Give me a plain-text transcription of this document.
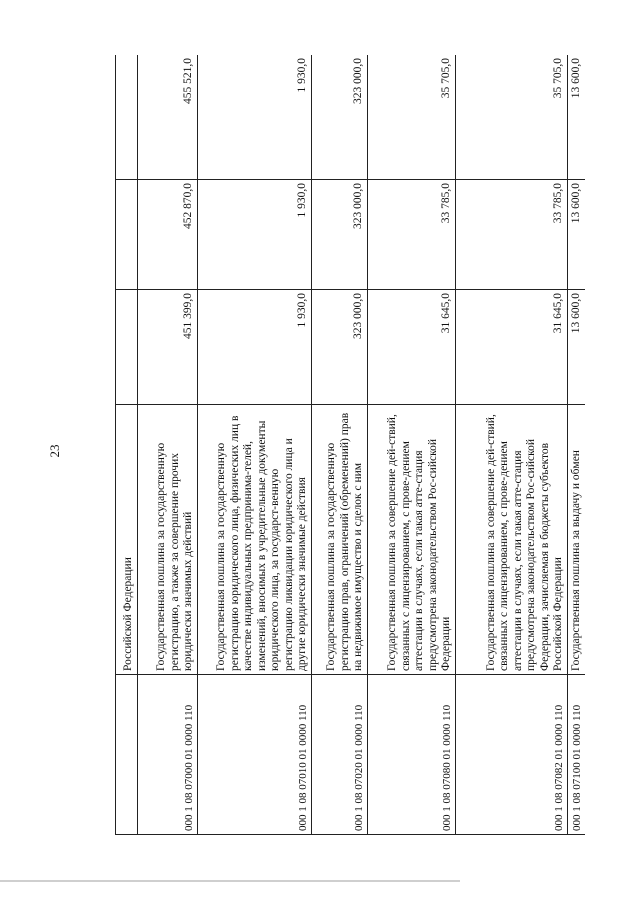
23
	Российской Федерации			
000 1 08 07000 01 0000 110	Государственная пошлина за государственную регистрацию, а также за совершение прочих юридически значимых действий	451 399,0	452 870,0	455 521,0
000 1 08 07010 01 0000 110	Государственная пошлина за государственную регистрацию юридического лица, физических лиц в качестве индивидуальных предпринима-телей, изменений, вносимых в учредительные документы юридического лица, за государст-венную регистрацию ликвидации юридического лица и другие юридически значимые действия	1 930,0	1 930,0	1 930,0
000 1 08 07020 01 0000 110	Государственная пошлина за государственную регистрацию прав, ограничений (обременений) прав на недвижимое имущество и сделок с ним	323 000,0	323 000,0	323 000,0
000 1 08 07080 01 0000 110	Государственная пошлина за совершение дей-ствий, связанных с лицензированием, с прове-дением аттестации в случаях, если такая атте-стация предусмотрена законодательством Рос-сийской Федерации	31 645,0	33 785,0	35 705,0
000 1 08 07082 01 0000 110	Государственная пошлина за совершение дей-ствий, связанных с лицензированием, с прове-дением аттестации в случаях, если такая атте-стация предусмотрена законодательством Рос-сийской Федерации, зачисляемая в бюджеты субъектов Российской Федерации	31 645,0	33 785,0	35 705,0
000 1 08 07100 01 0000 110	Государственная пошлина за выдачу и обмен	13 600,0	13 600,0	13 600,0
